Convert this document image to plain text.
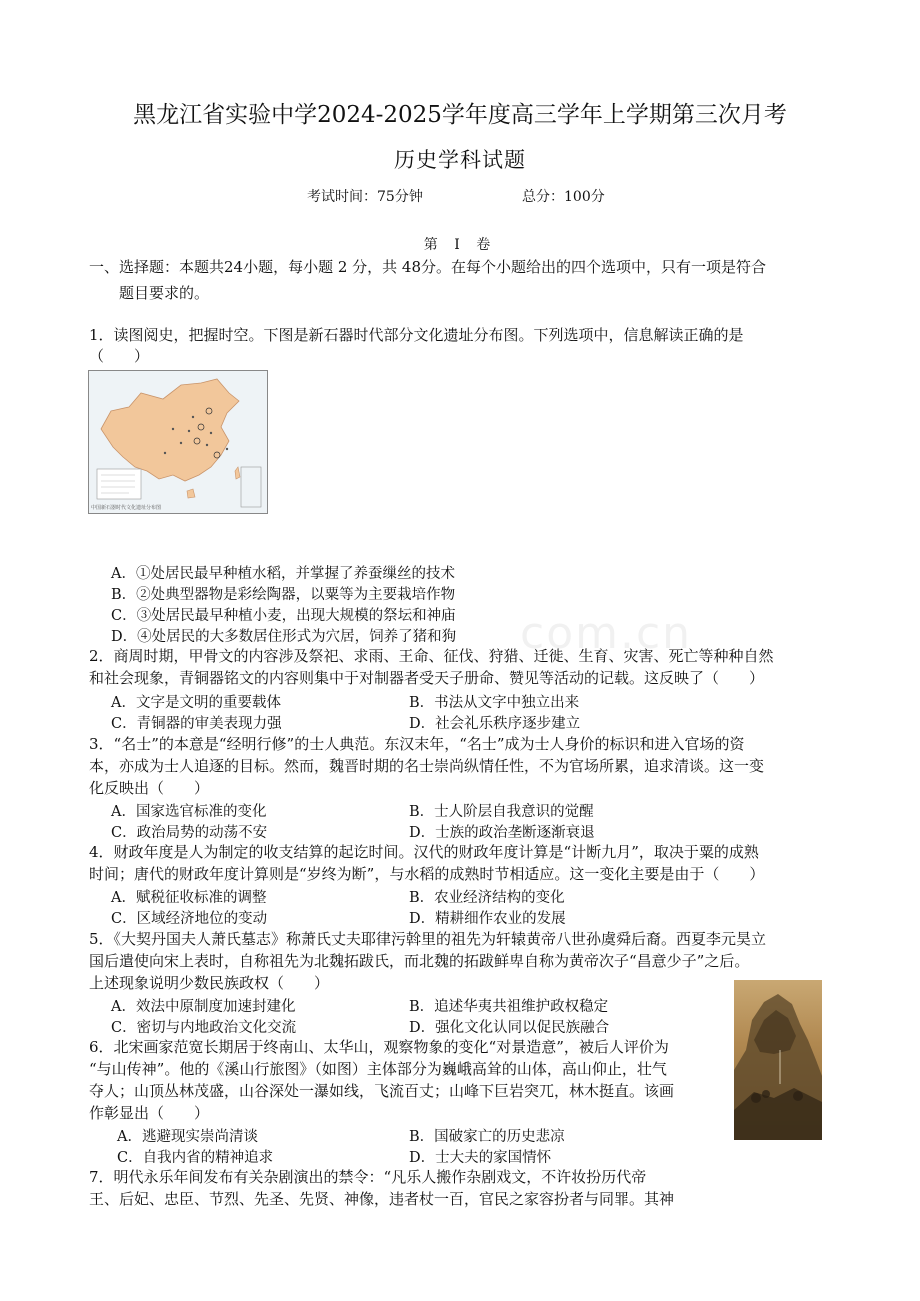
黑龙江省实验中学2024-2025学年度高三学年上学期第三次月考
历史学科试题
考试时间：75分钟	总分：100分
第 Ⅰ 卷
一、选择题：本题共24小题，每小题 2 分，共 48分。在每个小题给出的四个选项中，只有一项是符合
题目要求的。
1．读图阅史，把握时空。下图是新石器时代部分文化遗址分布图。下列选项中，信息解读正确的是
（　　）
中国新石器时代文化遗址分布图
A．①处居民最早种植水稻，并掌握了养蚕缫丝的技术
B．②处典型器物是彩绘陶器，以粟等为主要栽培作物
C．③处居民最早种植小麦，出现大规模的祭坛和神庙
D．④处居民的大多数居住形式为穴居，饲养了猪和狗
2．商周时期，甲骨文的内容涉及祭祀、求雨、王命、征伐、狩猎、迁徙、生育、灾害、死亡等种种自然
和社会现象，青铜器铭文的内容则集中于对制器者受天子册命、赞见等活动的记载。这反映了（　　）
A．文字是文明的重要载体	B．书法从文字中独立出来
C．青铜器的审美表现力强	D．社会礼乐秩序逐步建立
3．“名士”的本意是“经明行修”的士人典范。东汉末年，“名士”成为士人身价的标识和进入官场的资
本，亦成为士人追逐的目标。然而，魏晋时期的名士崇尚纵情任性，不为官场所累，追求清谈。这一变
化反映出（　　）
A．国家选官标准的变化	B．士人阶层自我意识的觉醒
C．政治局势的动荡不安	D．士族的政治垄断逐渐衰退
4．财政年度是人为制定的收支结算的起讫时间。汉代的财政年度计算是“计断九月”，取决于粟的成熟
时间；唐代的财政年度计算则是“岁终为断”，与水稻的成熟时节相适应。这一变化主要是由于（　　）
A．赋税征收标准的调整	B．农业经济结构的变化
C．区域经济地位的变动	D．精耕细作农业的发展
5．《大契丹国夫人萧氏墓志》称萧氏丈夫耶律污斡里的祖先为轩辕黄帝八世孙虞舜后裔。西夏李元昊立
国后遣使向宋上表时，自称祖先为北魏拓跋氏，而北魏的拓跋鲜卑自称为黄帝次子“昌意少子”之后。
上述现象说明少数民族政权（　　）
A．效法中原制度加速封建化	B．追述华夷共祖维护政权稳定
C．密切与内地政治文化交流	D．强化文化认同以促民族融合
6．北宋画家范宽长期居于终南山、太华山，观察物象的变化“对景造意”，被后人评价为
“与山传神”。他的《溪山行旅图》（如图）主体部分为巍峨高耸的山体，高山仰止，壮气
夺人；山顶丛林茂盛，山谷深处一瀑如线，飞流百丈；山峰下巨岩突兀，林木挺直。该画
作彰显出（　　）
A．逃避现实崇尚清谈	B．国破家亡的历史悲凉
C．自我内省的精神追求	D．士大夫的家国情怀
7．明代永乐年间发布有关杂剧演出的禁令：“凡乐人搬作杂剧戏文，不许妆扮历代帝
王、后妃、忠臣、节烈、先圣、先贤、神像，违者杖一百，官民之家容扮者与同罪。其神
com.cn
